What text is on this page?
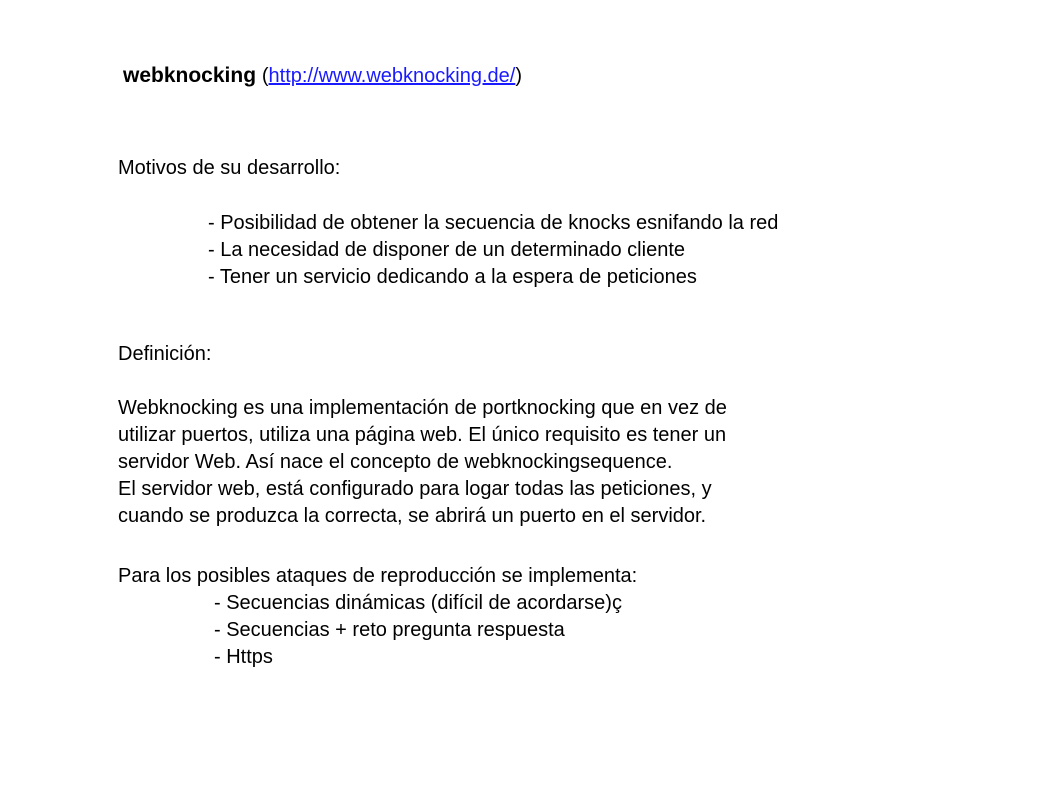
webknocking (http://www.webknocking.de/)
Motivos de su desarrollo:
- Posibilidad de obtener la secuencia de knocks esnifando la red
- La necesidad de disponer de un determinado cliente
- Tener un servicio dedicando a la espera de peticiones
Definición:
Webknocking es una implementación de portknocking que en vez de
utilizar puertos, utiliza una página web. El único requisito es tener un
servidor Web. Así nace el concepto de webknockingsequence.
El servidor web, está configurado para logar todas las peticiones, y
cuando se produzca la correcta, se abrirá un puerto en el servidor.
Para los posibles ataques de reproducción se implementa:
- Secuencias dinámicas (difícil de acordarse)ç
- Secuencias + reto pregunta respuesta
- Https
